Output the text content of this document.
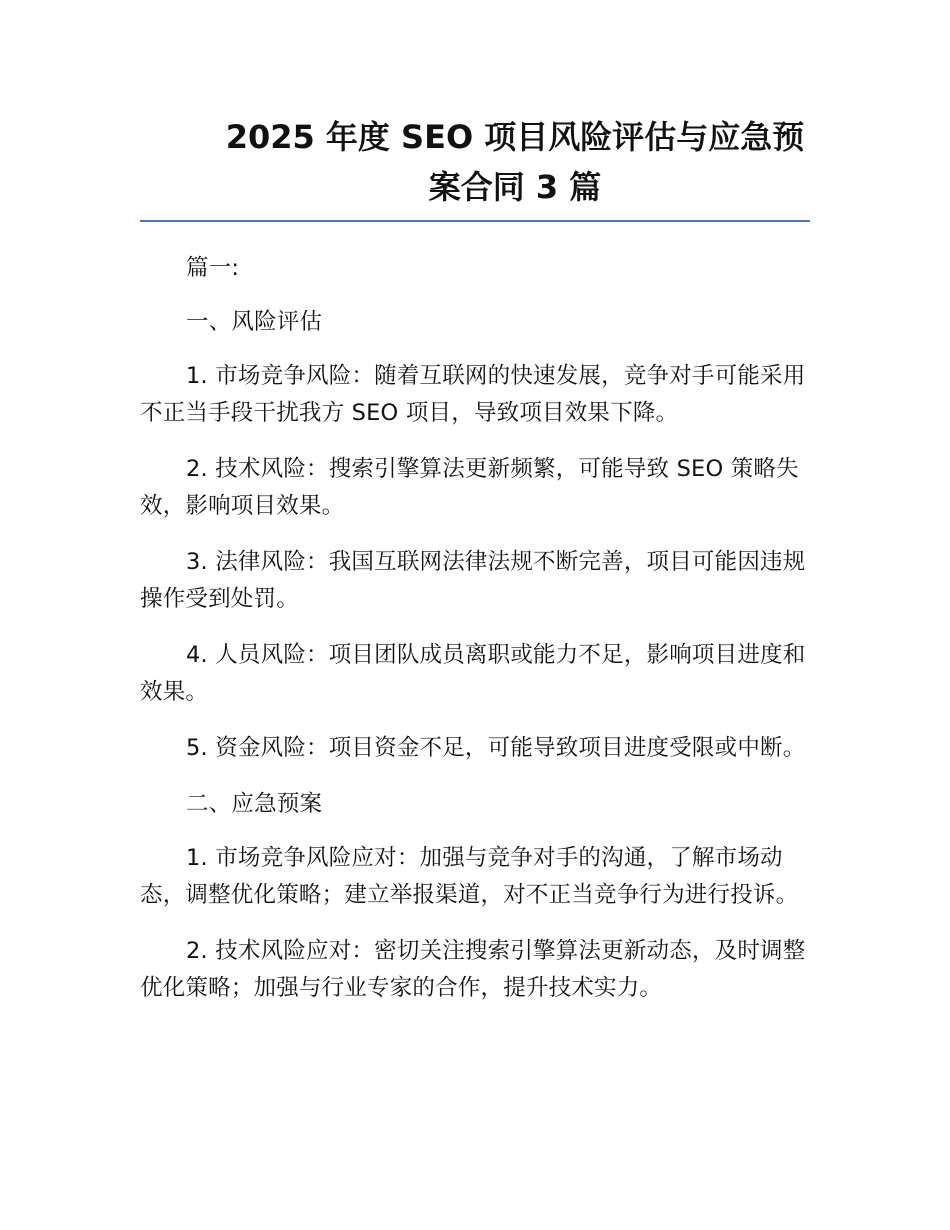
2025 年度 SEO 项目风险评估与应急预案合同 3 篇

篇一:

一、风险评估

1. 市场竞争风险：随着互联网的快速发展，竞争对手可能采用不正当手段干扰我方 SEO 项目，导致项目效果下降。

2. 技术风险：搜索引擎算法更新频繁，可能导致 SEO 策略失效，影响项目效果。

3. 法律风险：我国互联网法律法规不断完善，项目可能因违规操作受到处罚。

4. 人员风险：项目团队成员离职或能力不足，影响项目进度和效果。

5. 资金风险：项目资金不足，可能导致项目进度受限或中断。

二、应急预案

1. 市场竞争风险应对：加强与竞争对手的沟通，了解市场动态，调整优化策略；建立举报渠道，对不正当竞争行为进行投诉。

2. 技术风险应对：密切关注搜索引擎算法更新动态，及时调整优化策略；加强与行业专家的合作，提升技术实力。
